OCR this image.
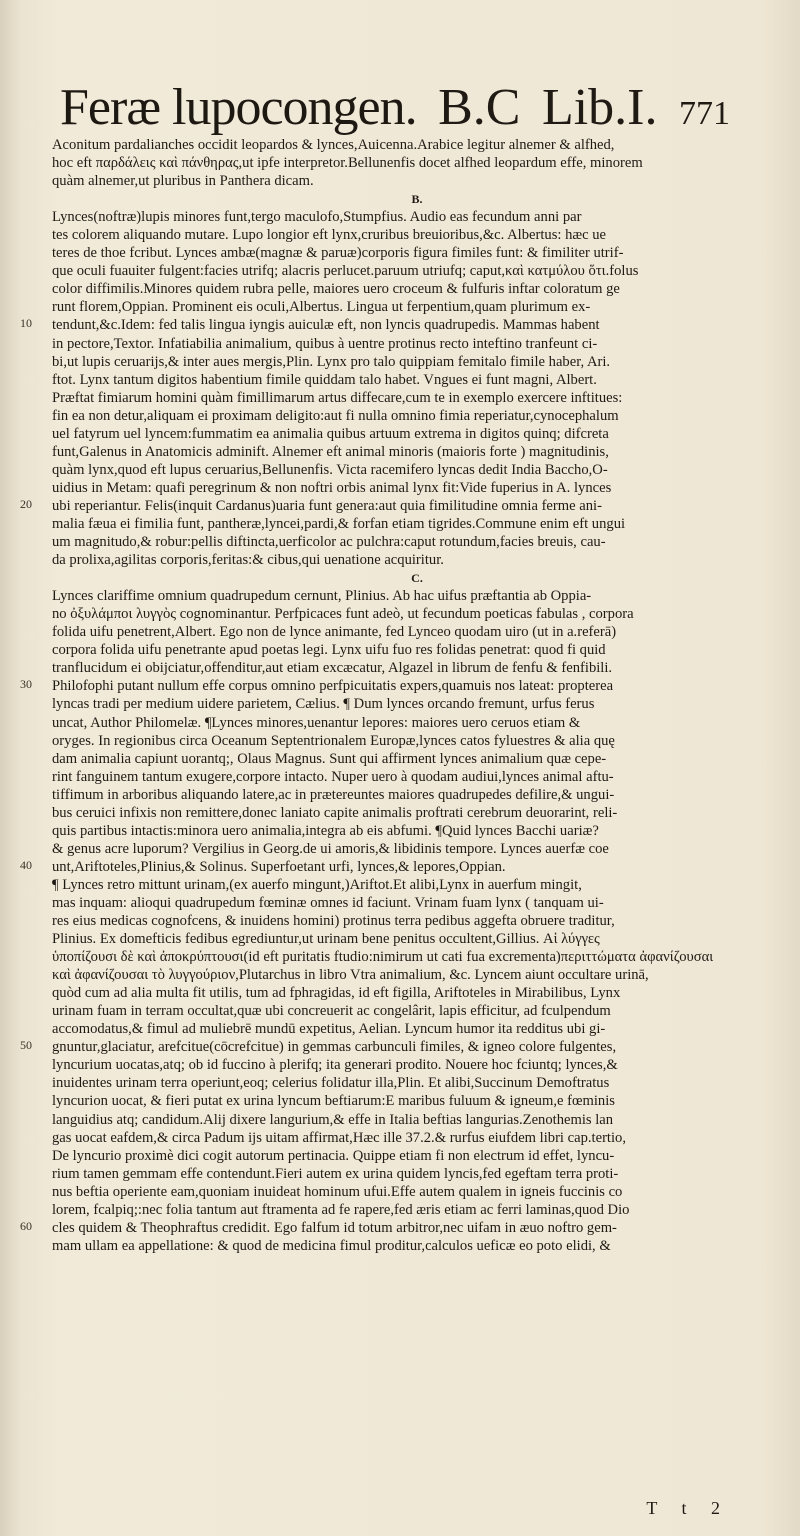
Feræ lupocongen. B.C Lib.I. 771
10
20
30
40
50
60
Aconitum pardalianches occidit leopardos & lynces,Auicenna.Arabice legitur alnemer & alfhed,
hoc eft παρδάλεις καὶ πάνθηρας,ut ipfe interpretor.Bellunenfis docet alfhed leopardum effe, minorem
quàm alnemer,ut pluribus in Panthera dicam.
B.
Lynces(noftræ)lupis minores funt,tergo maculofo,Stumpfius. Audio eas fecundum anni par
tes colorem aliquando mutare. Lupo longior eft lynx,cruribus breuioribus,&c. Albertus: hæc ue
teres de thoe fcribut. Lynces ambæ(magnæ & paruæ)corporis figura fimiles funt: & fimiliter utrif-
que oculi fuauiter fulgent:facies utrifq; alacris perlucet.paruum utriufq; caput,καὶ κατμύλου ὅτι.folus
color diffimilis.Minores quidem rubra pelle, maiores uero croceum & fulfuris inftar coloratum ge
runt florem,Oppian. Prominent eis oculi,Albertus. Lingua ut ferpentium,quam plurimum ex-
tendunt,&c.Idem: fed talis lingua iyngis auiculæ eft, non lyncis quadrupedis. Mammas habent
in pectore,Textor. Infatiabilia animalium, quibus à uentre protinus recto inteftino tranfeunt ci-
bi,ut lupis ceruarijs,& inter aues mergis,Plin. Lynx pro talo quippiam femitalo fimile haber, Ari.
ftot. Lynx tantum digitos habentium fimile quiddam talo habet. Vngues ei funt magni, Albert.
Præftat fimiarum homini quàm fimillimarum artus diffecare,cum te in exemplo exercere inftitues:
fin ea non detur,aliquam ei proximam deligito:aut fi nulla omnino fimia reperiatur,cynocephalum
uel fatyrum uel lyncem:fummatim ea animalia quibus artuum extrema in digitos quinq; difcreta
funt,Galenus in Anatomicis adminift. Alnemer eft animal minoris (maioris forte ) magnitudinis,
quàm lynx,quod eft lupus ceruarius,Bellunenfis. Victa racemifero lyncas dedit India Baccho,O-
uidius in Metam: quafi peregrinum & non noftri orbis animal lynx fit:Vide fuperius in A. lynces
ubi reperiantur. Felis(inquit Cardanus)uaria funt genera:aut quia fimilitudine omnia ferme ani-
malia fæua ei fimilia funt, pantheræ,lyncei,pardi,& forfan etiam tigrides.Commune enim eft ungui
um magnitudo,& robur:pellis diftincta,uerficolor ac pulchra:caput rotundum,facies breuis, cau-
da prolixa,agilitas corporis,feritas:& cibus,qui uenatione acquiritur.
C.
Lynces clariffime omnium quadrupedum cernunt, Plinius. Ab hac uifus præftantia ab Oppia-
no ὀξυλάμποι λυγγὸς cognominantur. Perfpicaces funt adeò, ut fecundum poeticas fabulas , corpora
folida uifu penetrent,Albert. Ego non de lynce animante, fed Lynceo quodam uiro (ut in a.referā)
corpora folida uifu penetrante apud poetas legi. Lynx uifu fuo res folidas penetrat: quod fi quid
tranflucidum ei obijciatur,offenditur,aut etiam excæcatur, Algazel in librum de fenfu & fenfibili.
Philofophi putant nullum effe corpus omnino perfpicuitatis expers,quamuis nos lateat: propterea
lyncas tradi per medium uidere parietem, Cælius. ¶ Dum lynces orcando fremunt, urfus ferus
uncat, Author Philomelæ. ¶Lynces minores,uenantur lepores: maiores uero ceruos etiam &
oryges. In regionibus circa Oceanum Septentrionalem Europæ,lynces catos fyluestres & alia quę
dam animalia capiunt uorantq;, Olaus Magnus. Sunt qui affirment lynces animalium quæ cepe-
rint fanguinem tantum exugere,corpore intacto. Nuper uero à quodam audiui,lynces animal aftu-
tiffimum in arboribus aliquando latere,ac in prætereuntes maiores quadrupedes defilire,& ungui-
bus ceruici infixis non remittere,donec laniato capite animalis proftrati cerebrum deuorarint, reli-
quis partibus intactis:minora uero animalia,integra ab eis abfumi. ¶Quid lynces Bacchi uariæ?
& genus acre luporum? Vergilius in Georg.de ui amoris,& libidinis tempore. Lynces auerfæ coe
unt,Ariftoteles,Plinius,& Solinus. Superfoetant urfi, lynces,& lepores,Oppian.
¶ Lynces retro mittunt urinam,(ex auerfo mingunt,)Ariftot.Et alibi,Lynx in auerfum mingit,
mas inquam: alioqui quadrupedum fœminæ omnes id faciunt. Vrinam fuam lynx ( tanquam ui-
res eius medicas cognofcens, & inuidens homini) protinus terra pedibus aggefta obruere traditur,
Plinius. Ex domefticis fedibus egrediuntur,ut urinam bene penitus occultent,Gillius. Αἱ λύγγες
ὑποπίζουσι δὲ καὶ ἀποκρύπτουσι(id eft puritatis ftudio:nimirum ut cati fua excrementa)περιττώματα ἀφανίζουσαι
καὶ ἀφανίζουσαι τὸ λυγγούριον,Plutarchus in libro Vtra animalium, &c. Lyncem aiunt occultare urinā,
quòd cum ad alia multa fit utilis, tum ad fphragidas, id eft figilla, Ariftoteles in Mirabilibus, Lynx
urinam fuam in terram occultat,quæ ubi concreuerit ac congelârit, lapis efficitur, ad fculpendum
accomodatus,& fimul ad muliebrē mundū expetitus, Aelian. Lyncum humor ita redditus ubi gi-
gnuntur,glaciatur, arefcitue(cōcrefcitue) in gemmas carbunculi fimiles, & igneo colore fulgentes,
lyncurium uocatas,atq; ob id fuccino à plerifq; ita generari prodito. Nouere hoc fciuntq; lynces,&
inuidentes urinam terra operiunt,eoq; celerius folidatur illa,Plin. Et alibi,Succinum Demoftratus
lyncurion uocat, & fieri putat ex urina lyncum beftiarum:E maribus fuluum & igneum,e fœminis
languidius atq; candidum.Alij dixere langurium,& effe in Italia beftias langurias.Zenothemis lan
gas uocat eafdem,& circa Padum ijs uitam affirmat,Hæc ille 37.2.& rurfus eiufdem libri cap.tertio,
De lyncurio proximè dici cogit autorum pertinacia. Quippe etiam fi non electrum id effet, lyncu-
rium tamen gemmam effe contendunt.Fieri autem ex urina quidem lyncis,fed egeftam terra proti-
nus beftia operiente eam,quoniam inuideat hominum ufui.Effe autem qualem in igneis fuccinis co
lorem, fcalpiq;:nec folia tantum aut ftramenta ad fe rapere,fed æris etiam ac ferri laminas,quod Dio
cles quidem & Theophraftus credidit. Ego falfum id totum arbitror,nec uifam in æuo noftro gem-
mam ullam ea appellatione: & quod de medicina fimul proditur,calculos ueficæ eo poto elidi, &
T t 2
